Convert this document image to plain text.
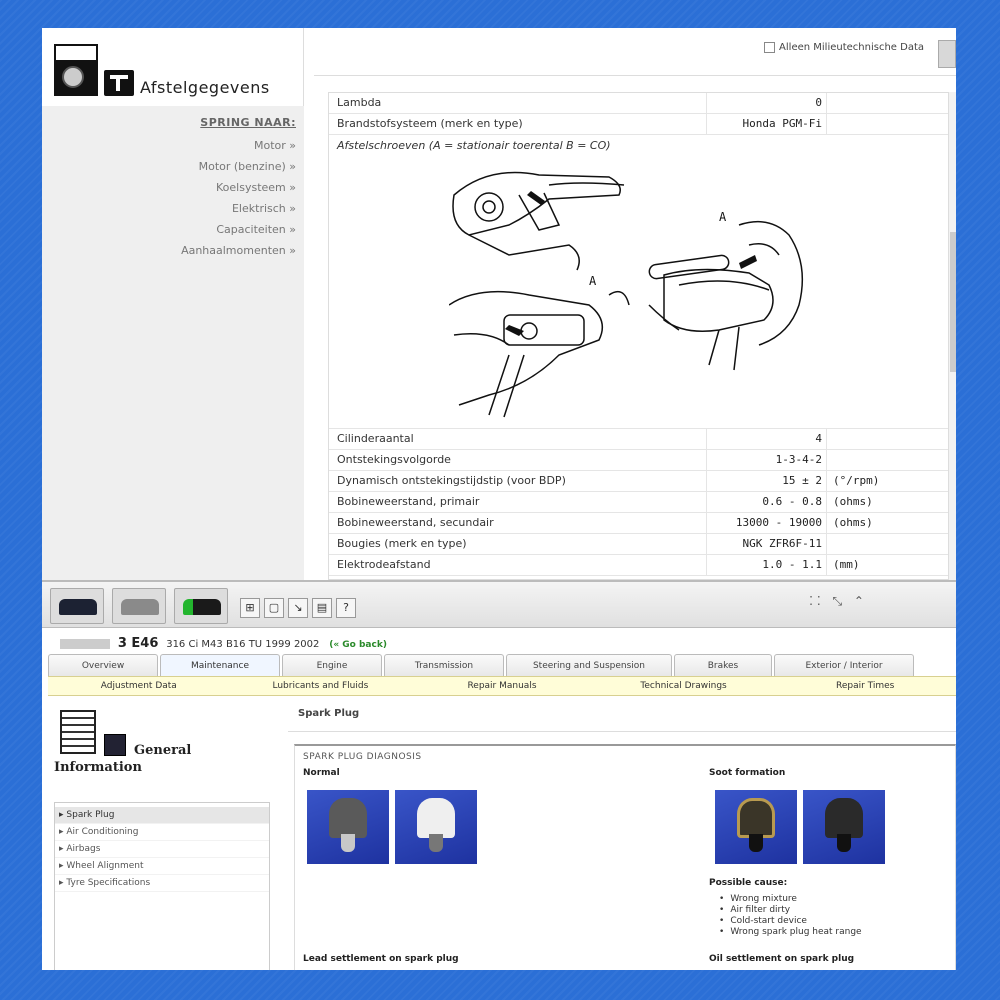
Afstelgegevens
SPRING NAAR:
Motor »
Motor (benzine) »
Koelsysteem »
Elektrisch »
Capaciteiten »
Aanhaalmomenten »
Alleen Milieutechnische Data
Lambda	0
Brandstofsysteem (merk en type)	Honda PGM-Fi
Afstelschroeven (A = stationair toerental B = CO)
A
A
Cilinderaantal	4
Ontstekingsvolgorde	1-3-4-2
Dynamisch ontstekingstijdstip (voor BDP)	15 ± 2	(°/rpm)
Bobineweerstand, primair	0.6 - 0.8	(ohms)
Bobineweerstand, secundair	13000 - 19000	(ohms)
Bougies (merk en type)	NGK ZFR6F-11
Elektrodeafstand	1.0 - 1.1	(mm)
⊞	▢	↘	▤	?	⁚⁚ ⤡ ⌃
3 E46 316 Ci M43 B16 TU 1999 2002 (« Go back)
Overview	Maintenance	Engine	Transmission	Steering and Suspension	Brakes	Exterior / Interior
Adjustment Data	Lubricants and Fluids	Repair Manuals	Technical Drawings	Repair Times
General
Information
▸ Spark Plug
▸ Air Conditioning
▸ Airbags
▸ Wheel Alignment
▸ Tyre Specifications
Spark Plug
SPARK PLUG DIAGNOSIS
Normal	Soot formation
Possible cause:
• Wrong mixture
• Air filter dirty
• Cold-start device
• Wrong spark plug heat range
Lead settlement on spark plug	Oil settlement on spark plug
